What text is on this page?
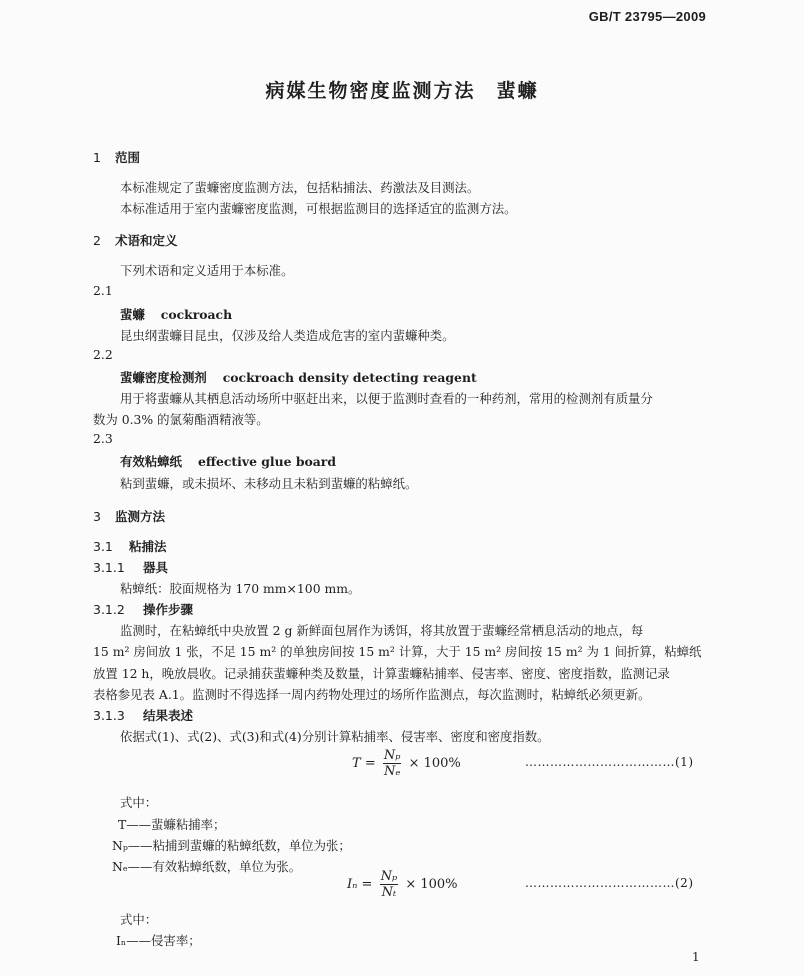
GB/T 23795—2009
病媒生物密度监测方法　蜚蠊
1 范围
本标准规定了蜚蠊密度监测方法，包括粘捕法、药激法及目测法。
本标准适用于室内蜚蠊密度监测，可根据监测目的选择适宜的监测方法。
2 术语和定义
下列术语和定义适用于本标准。
2.1
蜚蠊 cockroach
昆虫纲蜚蠊目昆虫，仅涉及给人类造成危害的室内蜚蠊种类。
2.2
蜚蠊密度检测剂 cockroach density detecting reagent
用于将蜚蠊从其栖息活动场所中驱赶出来，以便于监测时查看的一种药剂，常用的检测剂有质量分
数为 0.3% 的氯菊酯酒精液等。
2.3
有效粘蟑纸 effective glue board
粘到蜚蠊，或未损坏、未移动且未粘到蜚蠊的粘蟑纸。
3 监测方法
3.1 粘捕法
3.1.1 器具
粘蟑纸：胶面规格为 170 mm×100 mm。
3.1.2 操作步骤
监测时，在粘蟑纸中央放置 2 g 新鲜面包屑作为诱饵，将其放置于蜚蠊经常栖息活动的地点，每
15 m² 房间放 1 张，不足 15 m² 的单独房间按 15 m² 计算，大于 15 m² 房间按 15 m² 为 1 间折算，粘蟑纸
放置 12 h，晚放晨收。记录捕获蜚蠊种类及数量，计算蜚蠊粘捕率、侵害率、密度、密度指数，监测记录
表格参见表 A.1。监测时不得选择一周内药物处理过的场所作监测点，每次监测时，粘蟑纸必须更新。
3.1.3 结果表述
依据式(1)、式(2)、式(3)和式(4)分别计算粘捕率、侵害率、密度和密度指数。
$T = \frac{\text{Nₚ}}{\text{Nₑ}} \times 100\%$	………………………………(1)
式中：
T——蜚蠊粘捕率；
Nₚ——粘捕到蜚蠊的粘蟑纸数，单位为张；
Nₑ——有效粘蟑纸数，单位为张。
$I_n = \frac{\text{Nₚ}}{\text{Nₜ}} \times 100\%$	………………………………(2)
式中：
Iₙ——侵害率；
1
